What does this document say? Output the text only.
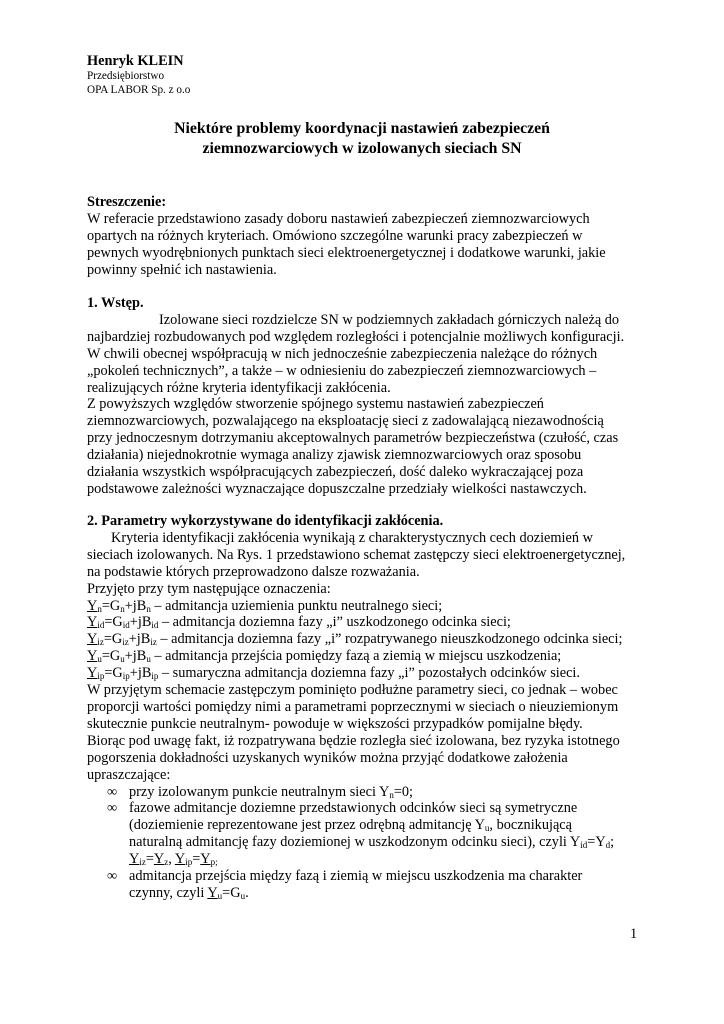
Henryk KLEIN
Przedsiębiorstwo
OPA LABOR Sp. z o.o
Niektóre problemy koordynacji nastawień zabezpieczeń
ziemnozwarciowych w izolowanych sieciach SN
Streszczenie:

W referacie przedstawiono zasady doboru nastawień zabezpieczeń ziemnozwarciowych

opartych na różnych kryteriach. Omówiono szczególne warunki pracy zabezpieczeń w

pewnych wyodrębnionych punktach sieci elektroenergetycznej i dodatkowe warunki, jakie

powinny spełnić ich nastawienia.

1. Wstęp.

Izolowane sieci rozdzielcze SN w podziemnych zakładach górniczych należą do

najbardziej rozbudowanych pod względem rozległości i potencjalnie możliwych konfiguracji.

W chwili obecnej współpracują w nich jednocześnie zabezpieczenia należące do różnych

„pokoleń technicznych”, a także – w odniesieniu do zabezpieczeń ziemnozwarciowych –

realizujących różne kryteria identyfikacji zakłócenia.

Z powyższych względów stworzenie spójnego systemu nastawień zabezpieczeń

ziemnozwarciowych, pozwalającego na eksploatację sieci z zadowalającą niezawodnością

przy jednoczesnym dotrzymaniu akceptowalnych parametrów bezpieczeństwa (czułość, czas

działania) niejednokrotnie wymaga analizy zjawisk ziemnozwarciowych oraz sposobu

działania wszystkich współpracujących zabezpieczeń, dość daleko wykraczającej poza

podstawowe zależności wyznaczające dopuszczalne przedziały wielkości nastawczych.

2. Parametry wykorzystywane do identyfikacji zakłócenia.

Kryteria identyfikacji zakłócenia wynikają z charakterystycznych cech doziemień w

sieciach izolowanych. Na Rys. 1 przedstawiono schemat zastępczy sieci elektroenergetycznej,

na podstawie których przeprowadzono dalsze rozważania.

Przyjęto przy tym następujące oznaczenia:

$Y_n=G_n+jB_n$ – admitancja uziemienia punktu neutralnego sieci;

$Y_{id}=G_{id}+jB_{id}$ – admitancja doziemna fazy „i” uszkodzonego odcinka sieci;

$Y_{iz}=G_{iz}+jB_{iz}$ – admitancja doziemna fazy „i” rozpatrywanego nieuszkodzonego odcinka sieci;

$Y_u=G_u+jB_u$ – admitancja przejścia pomiędzy fazą a ziemią w miejscu uszkodzenia;

$Y_{ip}=G_{ip}+jB_{ip}$ – sumaryczna admitancja doziemna fazy „i” pozostałych odcinków sieci.

W przyjętym schemacie zastępczym pominięto podłużne parametry sieci, co jednak – wobec

proporcji wartości pomiędzy nimi a parametrami poprzecznymi w sieciach o nieuziemionym

skutecznie punkcie neutralnym- powoduje w większości przypadków pomijalne błędy.

Biorąc pod uwagę fakt, iż rozpatrywana będzie rozległa sieć izolowana, bez ryzyka istotnego

pogorszenia dokładności uzyskanych wyników można przyjąć dodatkowe założenia

upraszczające:

∞ przy izolowanym punkcie neutralnym sieci $Y_n=0$;

∞ fazowe admitancje doziemne przedstawionych odcinków sieci są symetryczne

(doziemienie reprezentowane jest przez odrębną admitancję $Y_u$, bocznikującą

naturalną admitancję fazy doziemionej w uszkodzonym odcinku sieci), czyli $Y_{id}=Y_d$;

$Y_{iz}=Y_z$, $Y_{ip}=Y_{p;}$

∞ admitancja przejścia między fazą i ziemią w miejscu uszkodzenia ma charakter

czynny, czyli $Y_u=G_u$.

1
